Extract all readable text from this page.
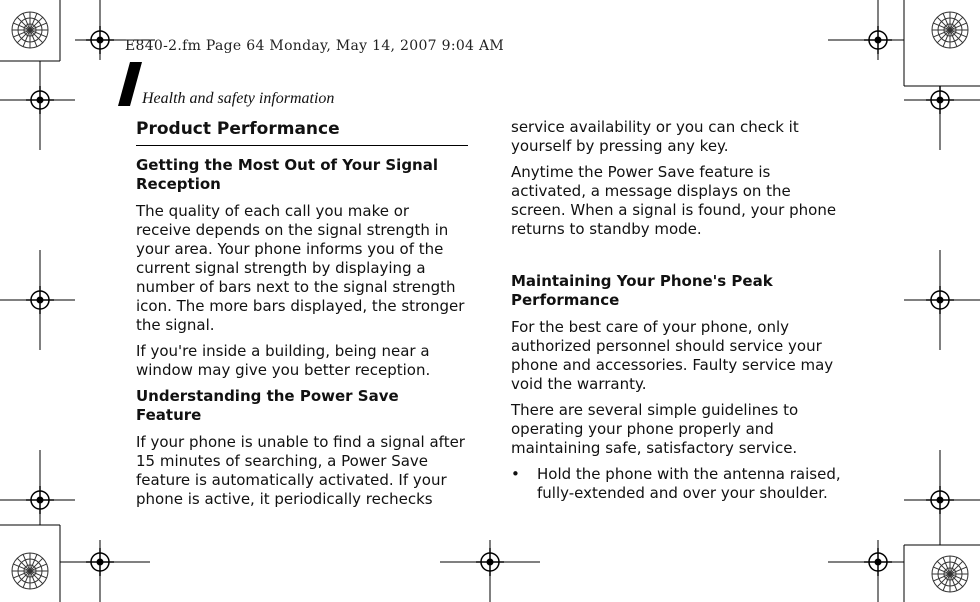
E840-2.fm Page 64 Monday, May 14, 2007 9:04 AM
Health and safety information
Product Performance
Getting the Most Out of Your Signal Reception

The quality of each call you make or receive depends on the signal strength in your area. Your phone informs you of the current signal strength by displaying a number of bars next to the signal strength icon. The more bars displayed, the stronger the signal.

If you're inside a building, being near a window may give you better reception.

Understanding the Power Save Feature

If your phone is unable to find a signal after 15 minutes of searching, a Power Save feature is automatically activated. If your phone is active, it periodically rechecks

service availability or you can check it yourself by pressing any key.

Anytime the Power Save feature is activated, a message displays on the screen. When a signal is found, your phone returns to standby mode.

Maintaining Your Phone's Peak Performance

For the best care of your phone, only authorized personnel should service your phone and accessories. Faulty service may void the warranty.

There are several simple guidelines to operating your phone properly and maintaining safe, satisfactory service.

•	Hold the phone with the antenna raised, fully-extended and over your shoulder.
